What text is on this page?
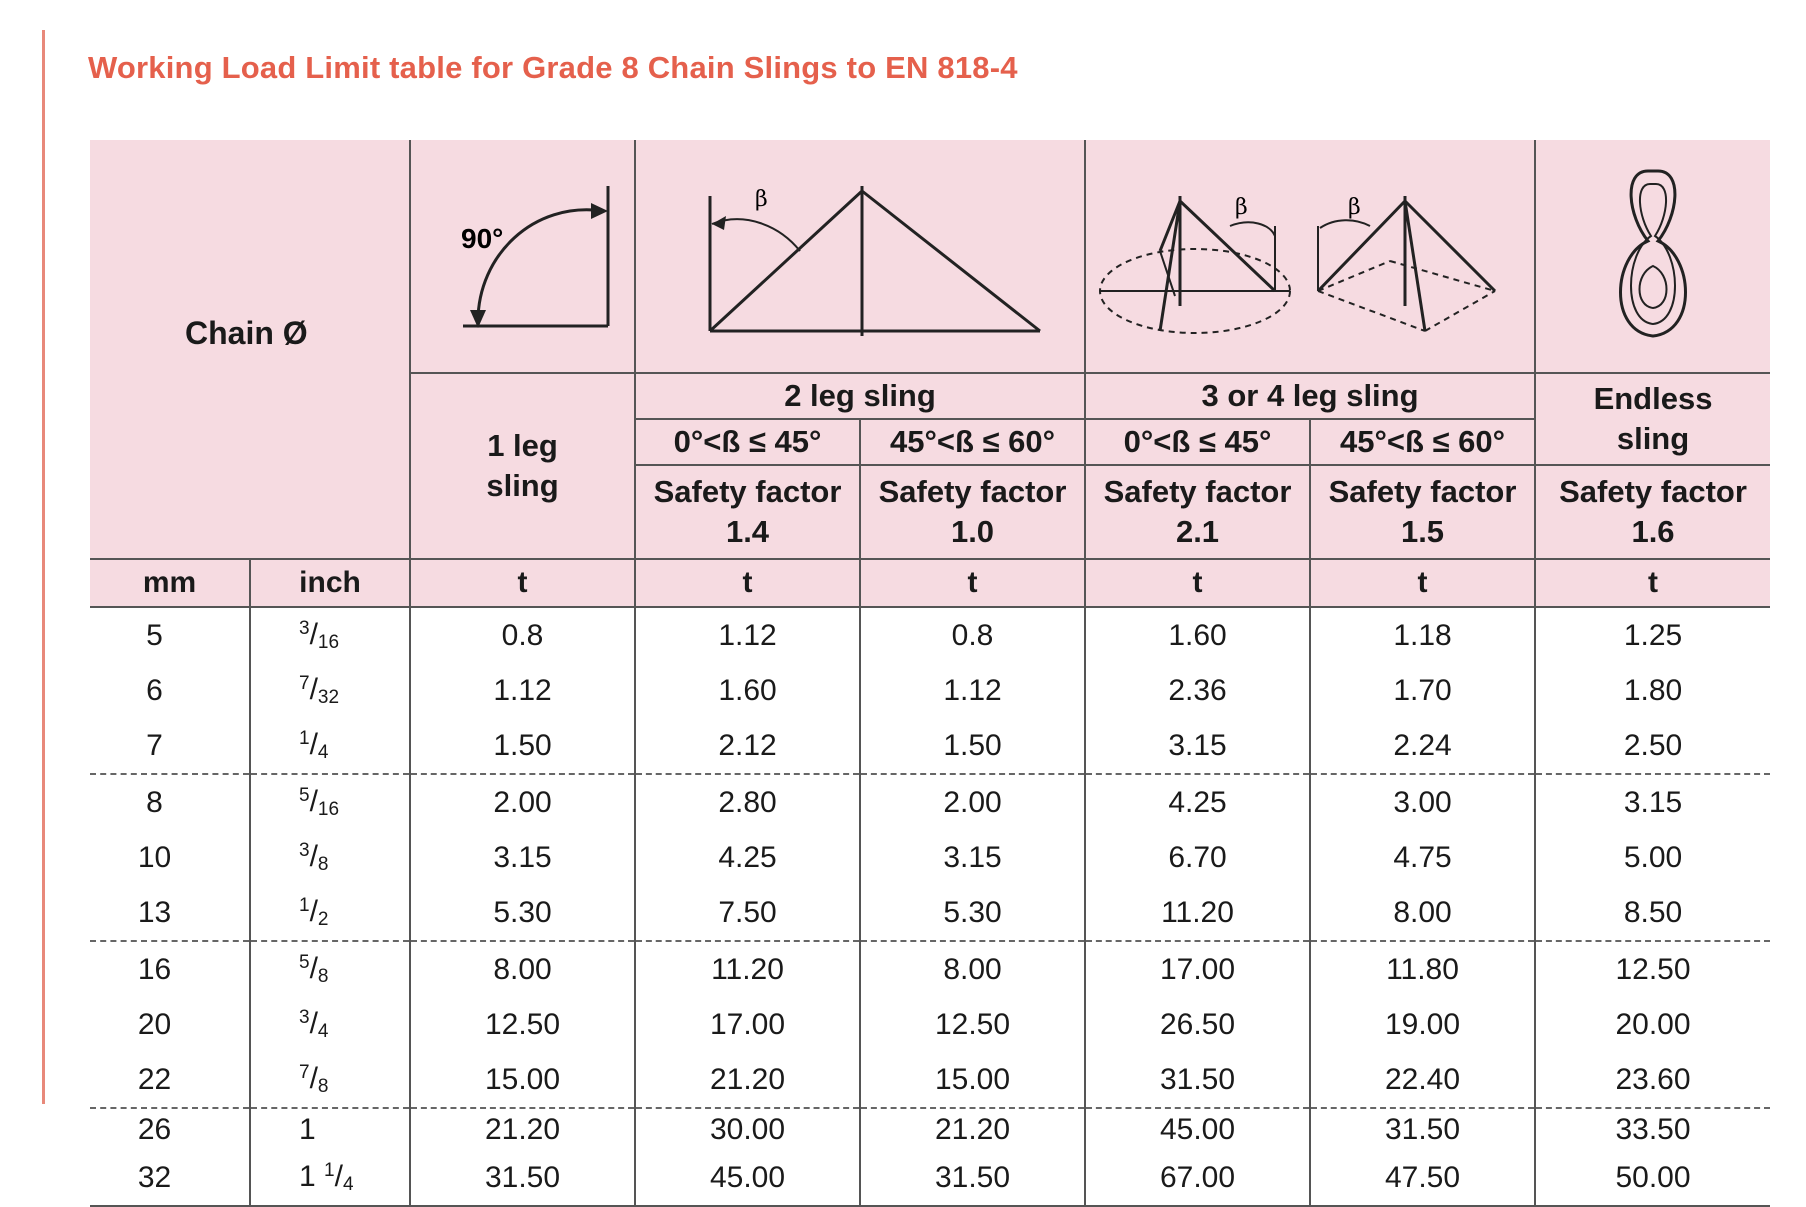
Working Load Limit table for Grade 8 Chain Slings to EN 818-4
Chain Ø		90°	β		β β

		1 leg sling	2 leg sling		3 or 4 leg sling		Endless sling

			0°<ß ≤ 45°	45°<ß ≤ 60°	0°<ß ≤ 45°	45°<ß ≤ 60°	

			Safety factor 1.4	Safety factor 1.0	Safety factor 2.1	Safety factor 1.5	Safety factor 1.6

mm	inch	t	t	t	t	t	t
5	$^3/_{16}$	0.8	1.12	0.8	1.60	1.18	1.25
6	$^7/_{32}$	1.12	1.60	1.12	2.36	1.70	1.80
7	$^1/_4$	1.50	2.12	1.50	3.15	2.24	2.50
8	$^5/_{16}$	2.00	2.80	2.00	4.25	3.00	3.15
10	$^3/_8$	3.15	4.25	3.15	6.70	4.75	5.00
13	$^1/_2$	5.30	7.50	5.30	11.20	8.00	8.50
16	$^5/_8$	8.00	11.20	8.00	17.00	11.80	12.50
20	$^3/_4$	12.50	17.00	12.50	26.50	19.00	20.00
22	$^7/_8$	15.00	21.20	15.00	31.50	22.40	23.60
26	1	21.20	30.00	21.20	45.00	31.50	33.50
32	1 $^1/_4$	31.50	45.00	31.50	67.00	47.50	50.00
